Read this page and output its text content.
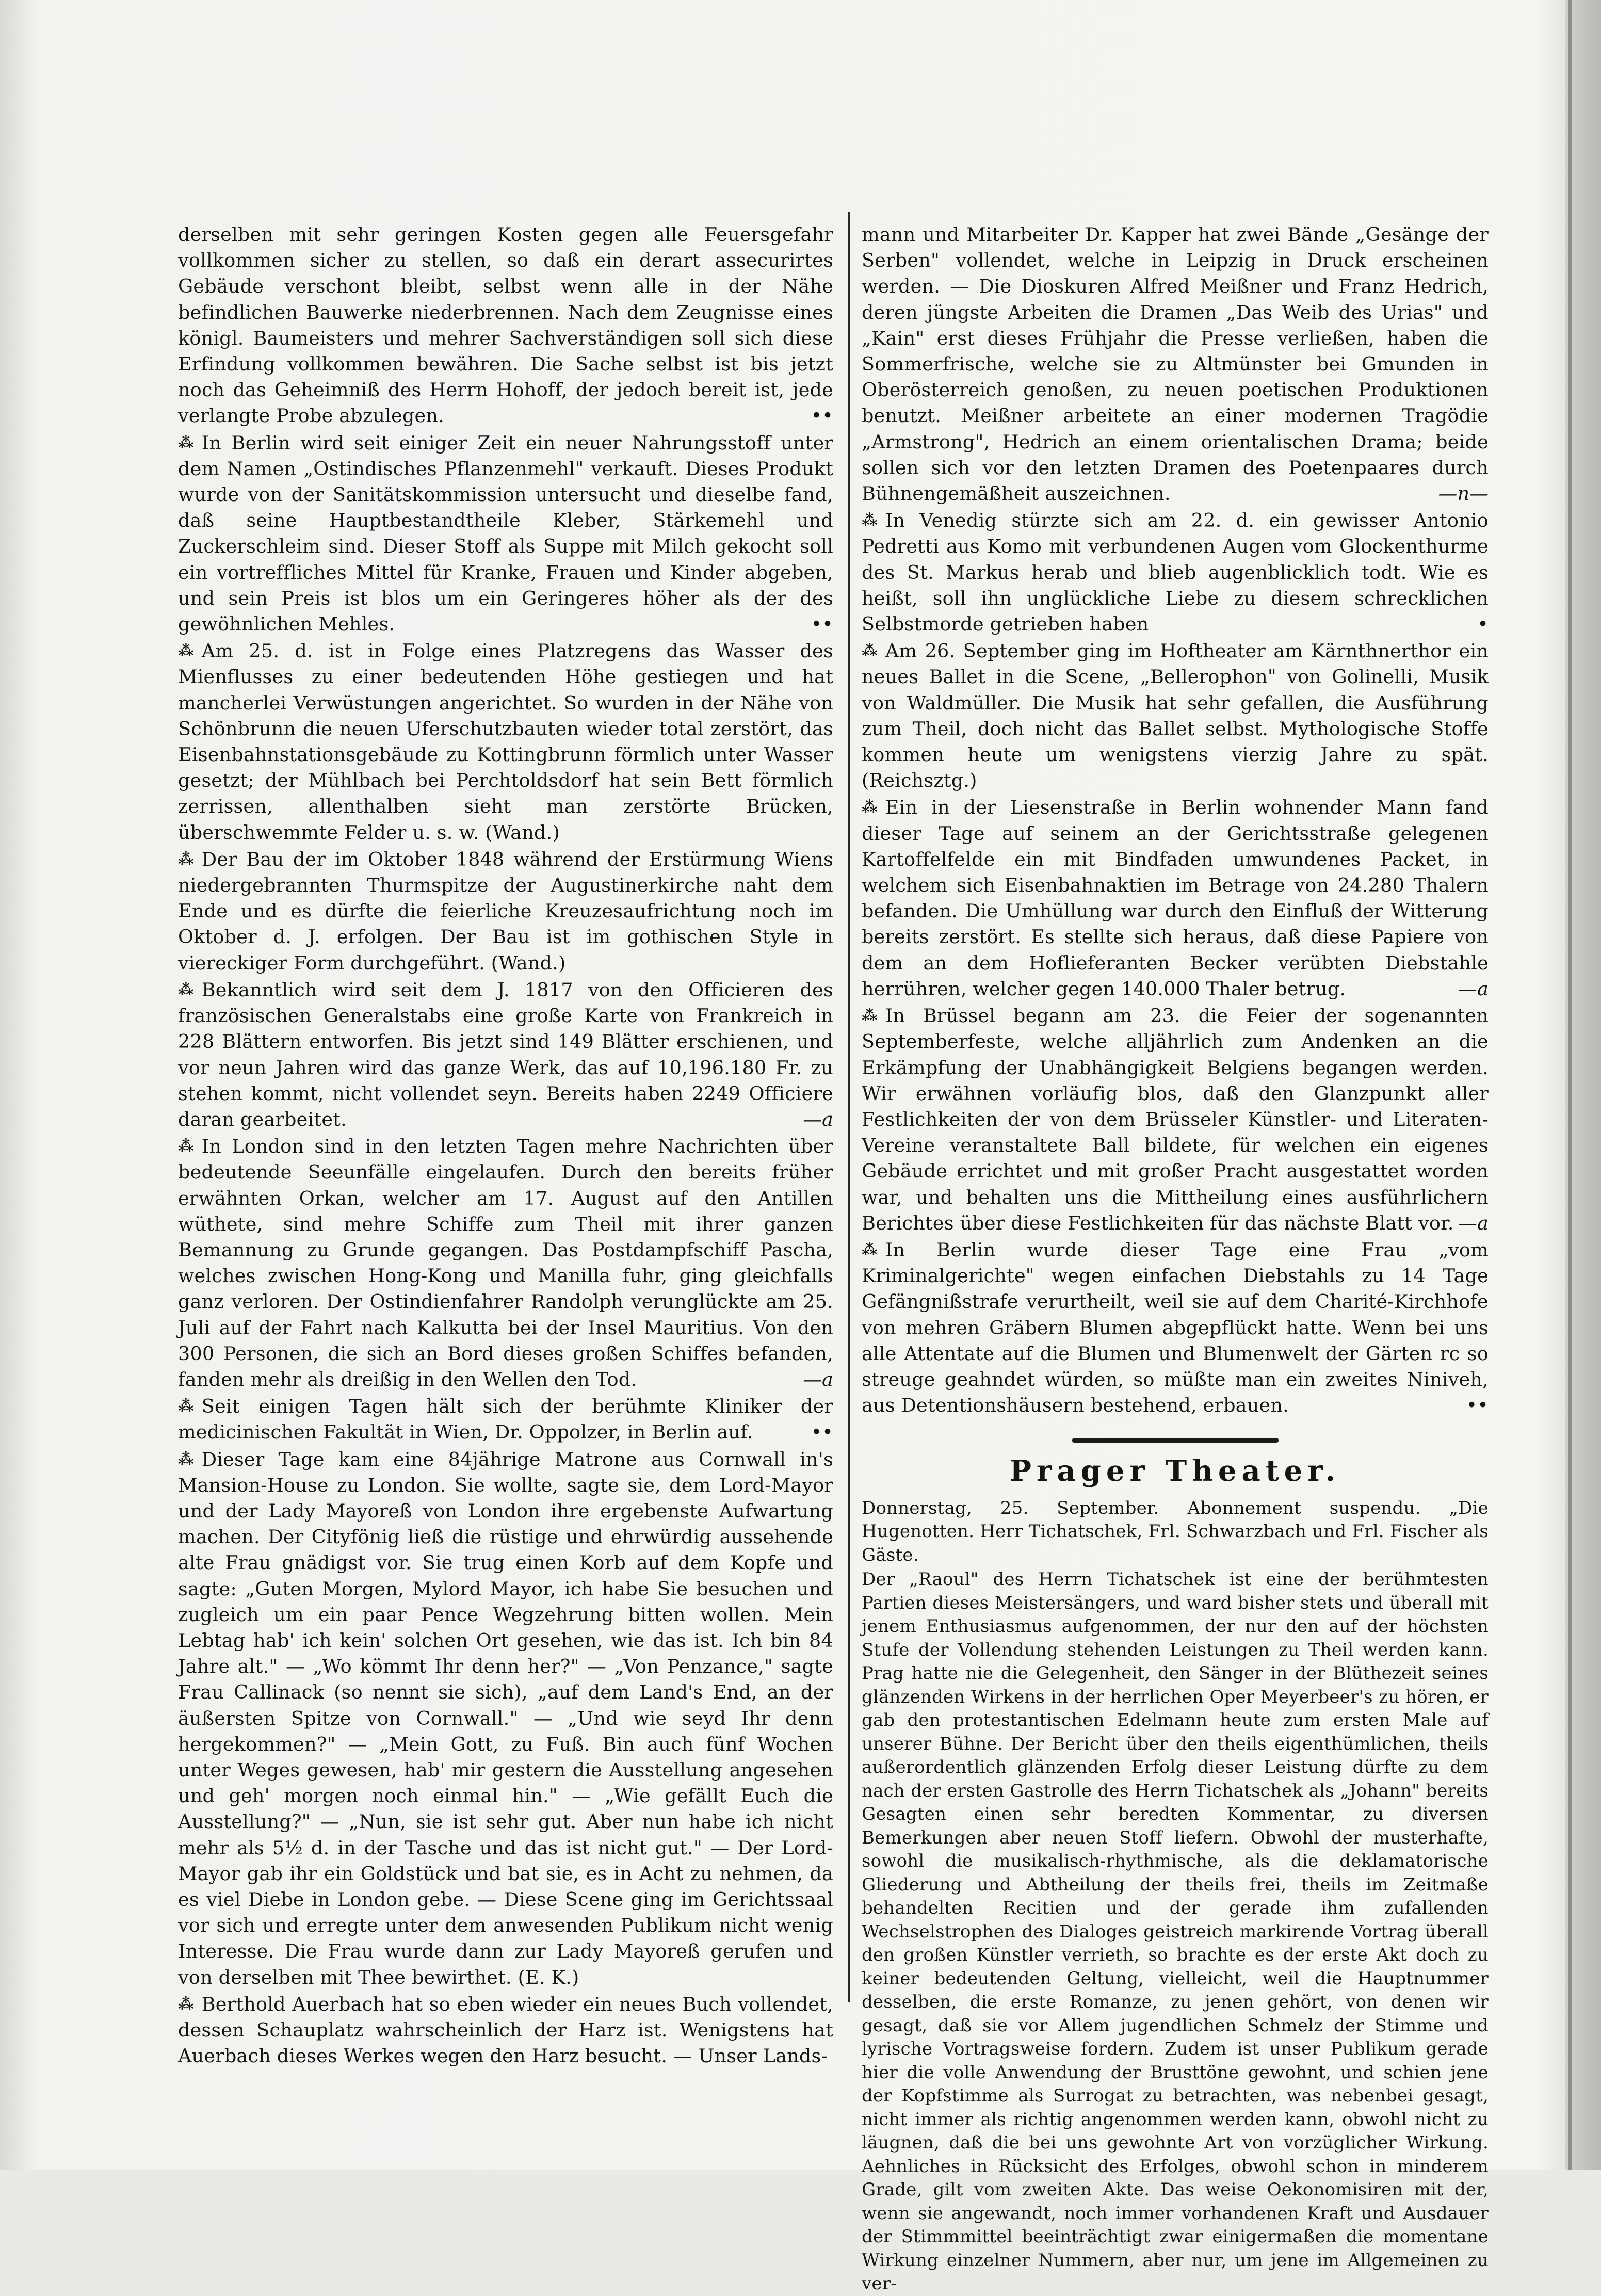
derselben mit sehr geringen Kosten gegen alle Feuersgefahr vollkommen sicher zu stellen, so daß ein derart assecurirtes Gebäude verschont bleibt, selbst wenn alle in der Nähe befindlichen Bauwerke niederbrennen. Nach dem Zeugnisse eines königl. Baumeisters und mehrer Sachverständigen soll sich diese Erfindung vollkommen bewähren. Die Sache selbst ist bis jetzt noch das Geheimniß des Herrn Hohoff, der jedoch bereit ist, jede verlangte Probe abzulegen.	••

⁂ In Berlin wird seit einiger Zeit ein neuer Nahrungsstoff unter dem Namen „Ostindisches Pflanzenmehl" verkauft. Dieses Produkt wurde von der Sanitätskommission untersucht und dieselbe fand, daß seine Hauptbestandtheile Kleber, Stärkemehl und Zuckerschleim sind. Dieser Stoff als Suppe mit Milch gekocht soll ein vortreffliches Mittel für Kranke, Frauen und Kinder abgeben, und sein Preis ist blos um ein Geringeres höher als der des gewöhnlichen Mehles.	••

⁂ Am 25. d. ist in Folge eines Platzregens das Wasser des Mienflusses zu einer bedeutenden Höhe gestiegen und hat mancherlei Verwüstungen angerichtet. So wurden in der Nähe von Schönbrunn die neuen Uferschutzbauten wieder total zerstört, das Eisenbahnstationsgebäude zu Kottingbrunn förmlich unter Wasser gesetzt; der Mühlbach bei Perchtoldsdorf hat sein Bett förmlich zerrissen, allenthalben sieht man zerstörte Brücken, überschwemmte Felder u. s. w. (Wand.)

⁂ Der Bau der im Oktober 1848 während der Erstürmung Wiens niedergebrannten Thurmspitze der Augustinerkirche naht dem Ende und es dürfte die feierliche Kreuzesaufrichtung noch im Oktober d. J. erfolgen. Der Bau ist im gothischen Style in viereckiger Form durchgeführt. (Wand.)

⁂ Bekanntlich wird seit dem J. 1817 von den Officieren des französischen Generalstabs eine große Karte von Frankreich in 228 Blättern entworfen. Bis jetzt sind 149 Blätter erschienen, und vor neun Jahren wird das ganze Werk, das auf 10,196.180 Fr. zu stehen kommt, nicht vollendet seyn. Bereits haben 2249 Officiere daran gearbeitet.	—a

⁂ In London sind in den letzten Tagen mehre Nachrichten über bedeutende Seeunfälle eingelaufen. Durch den bereits früher erwähnten Orkan, welcher am 17. August auf den Antillen wüthete, sind mehre Schiffe zum Theil mit ihrer ganzen Bemannung zu Grunde gegangen. Das Postdampfschiff Pascha, welches zwischen Hong-Kong und Manilla fuhr, ging gleichfalls ganz verloren. Der Ostindienfahrer Randolph verunglückte am 25. Juli auf der Fahrt nach Kalkutta bei der Insel Mauritius. Von den 300 Personen, die sich an Bord dieses großen Schiffes befanden, fanden mehr als dreißig in den Wellen den Tod.	—a

⁂ Seit einigen Tagen hält sich der berühmte Kliniker der medicinischen Fakultät in Wien, Dr. Oppolzer, in Berlin auf.	••

⁂ Dieser Tage kam eine 84jährige Matrone aus Cornwall in's Mansion-House zu London. Sie wollte, sagte sie, dem Lord-Mayor und der Lady Mayoreß von London ihre ergebenste Aufwartung machen. Der Cityfönig ließ die rüstige und ehrwürdig aussehende alte Frau gnädigst vor. Sie trug einen Korb auf dem Kopfe und sagte: „Guten Morgen, Mylord Mayor, ich habe Sie besuchen und zugleich um ein paar Pence Wegzehrung bitten wollen. Mein Lebtag hab' ich kein' solchen Ort gesehen, wie das ist. Ich bin 84 Jahre alt." — „Wo kömmt Ihr denn her?" — „Von Penzance," sagte Frau Callinack (so nennt sie sich), „auf dem Land's End, an der äußersten Spitze von Cornwall." — „Und wie seyd Ihr denn hergekommen?" — „Mein Gott, zu Fuß. Bin auch fünf Wochen unter Weges gewesen, hab' mir gestern die Ausstellung angesehen und geh' morgen noch einmal hin." — „Wie gefällt Euch die Ausstellung?" — „Nun, sie ist sehr gut. Aber nun habe ich nicht mehr als 5½ d. in der Tasche und das ist nicht gut." — Der Lord-Mayor gab ihr ein Goldstück und bat sie, es in Acht zu nehmen, da es viel Diebe in London gebe. — Diese Scene ging im Gerichtssaal vor sich und erregte unter dem anwesenden Publikum nicht wenig Interesse. Die Frau wurde dann zur Lady Mayoreß gerufen und von derselben mit Thee bewirthet. (E. K.)

⁂ Berthold Auerbach hat so eben wieder ein neues Buch vollendet, dessen Schauplatz wahrscheinlich der Harz ist. Wenigstens hat Auerbach dieses Werkes wegen den Harz besucht. — Unser Lands-

mann und Mitarbeiter Dr. Kapper hat zwei Bände „Gesänge der Serben" vollendet, welche in Leipzig in Druck erscheinen werden. — Die Dioskuren Alfred Meißner und Franz Hedrich, deren jüngste Arbeiten die Dramen „Das Weib des Urias" und „Kain" erst dieses Frühjahr die Presse verließen, haben die Sommerfrische, welche sie zu Altmünster bei Gmunden in Oberösterreich genoßen, zu neuen poetischen Produktionen benutzt. Meißner arbeitete an einer modernen Tragödie „Armstrong", Hedrich an einem orientalischen Drama; beide sollen sich vor den letzten Dramen des Poetenpaares durch Bühnengemäßheit auszeichnen.	—n—

⁂ In Venedig stürzte sich am 22. d. ein gewisser Antonio Pedretti aus Komo mit verbundenen Augen vom Glockenthurme des St. Markus herab und blieb augenblicklich todt. Wie es heißt, soll ihn unglückliche Liebe zu diesem schrecklichen Selbstmorde getrieben haben	•

⁂ Am 26. September ging im Hoftheater am Kärnthnerthor ein neues Ballet in die Scene, „Bellerophon" von Golinelli, Musik von Waldmüller. Die Musik hat sehr gefallen, die Ausführung zum Theil, doch nicht das Ballet selbst. Mythologische Stoffe kommen heute um wenigstens vierzig Jahre zu spät. (Reichsztg.)

⁂ Ein in der Liesenstraße in Berlin wohnender Mann fand dieser Tage auf seinem an der Gerichtsstraße gelegenen Kartoffelfelde ein mit Bindfaden umwundenes Packet, in welchem sich Eisenbahnaktien im Betrage von 24.280 Thalern befanden. Die Umhüllung war durch den Einfluß der Witterung bereits zerstört. Es stellte sich heraus, daß diese Papiere von dem an dem Hoflieferanten Becker verübten Diebstahle herrühren, welcher gegen 140.000 Thaler betrug.	—a

⁂ In Brüssel begann am 23. die Feier der sogenannten Septemberfeste, welche alljährlich zum Andenken an die Erkämpfung der Unabhängigkeit Belgiens begangen werden. Wir erwähnen vorläufig blos, daß den Glanzpunkt aller Festlichkeiten der von dem Brüsseler Künstler- und Literaten-Vereine veranstaltete Ball bildete, für welchen ein eigenes Gebäude errichtet und mit großer Pracht ausgestattet worden war, und behalten uns die Mittheilung eines ausführlichern Berichtes über diese Festlichkeiten für das nächste Blatt vor. —a

⁂ In Berlin wurde dieser Tage eine Frau „vom Kriminalgerichte" wegen einfachen Diebstahls zu 14 Tage Gefängnißstrafe verurtheilt, weil sie auf dem Charité-Kirchhofe von mehren Gräbern Blumen abgepflückt hatte. Wenn bei uns alle Attentate auf die Blumen und Blumenwelt der Gärten rc so streuge geahndet würden, so müßte man ein zweites Niniveh, aus Detentionshäusern bestehend, erbauen.	••

Prager Theater.

Donnerstag, 25. September. Abonnement suspendu. „Die Hugenotten. Herr Tichatschek, Frl. Schwarzbach und Frl. Fischer als Gäste.

Der „Raoul" des Herrn Tichatschek ist eine der berühmtesten Partien dieses Meistersängers, und ward bisher stets und überall mit jenem Enthusiasmus aufgenommen, der nur den auf der höchsten Stufe der Vollendung stehenden Leistungen zu Theil werden kann. Prag hatte nie die Gelegenheit, den Sänger in der Blüthezeit seines glänzenden Wirkens in der herrlichen Oper Meyerbeer's zu hören, er gab den protestantischen Edelmann heute zum ersten Male auf unserer Bühne. Der Bericht über den theils eigenthümlichen, theils außerordentlich glänzenden Erfolg dieser Leistung dürfte zu dem nach der ersten Gastrolle des Herrn Tichatschek als „Johann" bereits Gesagten einen sehr beredten Kommentar, zu diversen Bemerkungen aber neuen Stoff liefern. Obwohl der musterhafte, sowohl die musikalisch-rhythmische, als die deklamatorische Gliederung und Abtheilung der theils frei, theils im Zeitmaße behandelten Recitien und der gerade ihm zufallenden Wechselstrophen des Dialoges geistreich markirende Vortrag überall den großen Künstler verrieth, so brachte es der erste Akt doch zu keiner bedeutenden Geltung, vielleicht, weil die Hauptnummer desselben, die erste Romanze, zu jenen gehört, von denen wir gesagt, daß sie vor Allem jugendlichen Schmelz der Stimme und lyrische Vortragsweise fordern. Zudem ist unser Publikum gerade hier die volle Anwendung der Brusttöne gewohnt, und schien jene der Kopfstimme als Surrogat zu betrachten, was nebenbei gesagt, nicht immer als richtig angenommen werden kann, obwohl nicht zu läugnen, daß die bei uns gewohnte Art von vorzüglicher Wirkung. Aehnliches in Rücksicht des Erfolges, obwohl schon in minderem Grade, gilt vom zweiten Akte. Das weise Oekonomisiren mit der, wenn sie angewandt, noch immer vorhandenen Kraft und Ausdauer der Stimmmittel beeinträchtigt zwar einigermaßen die momentane Wirkung einzelner Nummern, aber nur, um jene im Allgemeinen zu ver-
